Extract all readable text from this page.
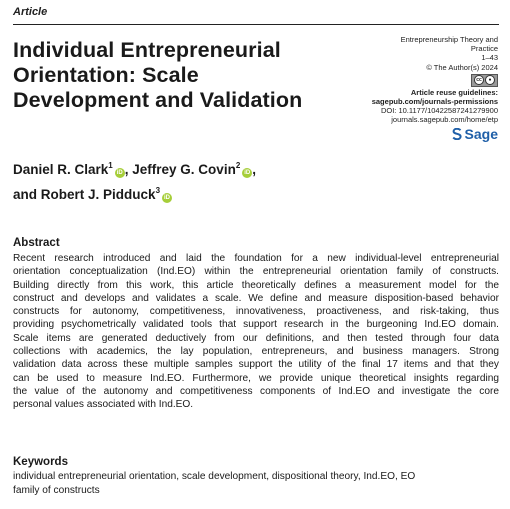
Article
Individual Entrepreneurial
Orientation: Scale
Development and Validation
Entrepreneurship Theory and
Practice
1–43
© The Author(s) 2024
cc	●
Article reuse guidelines:
sagepub.com/journals-permissions
DOI: 10.1177/10422587241279900
journals.sagepub.com/home/etp
Sage
Daniel R. Clark$^1$iD , Jeffrey G. Covin$^2$iD ,
and Robert J. Pidduck$^3$iD
Abstract

Recent research introduced and laid the foundation for a new individual-level entrepreneurial
orientation conceptualization (Ind.EO) within the entrepreneurial orientation family of constructs.
Building directly from this work, this article theoretically defines a measurement model for the
construct and develops and validates a scale. We define and measure disposition-based behavior
constructs for autonomy, competitiveness, innovativeness, proactiveness, and risk-taking, thus
providing psychometrically validated tools that support research in the burgeoning Ind.EO domain.
Scale items are generated deductively from our definitions, and then tested through four data
collections with academics, the lay population, entrepreneurs, and business managers. Strong
validation data across these multiple samples support the utility of the final 17 items and that they
can be used to measure Ind.EO. Furthermore, we provide unique theoretical insights regarding
the value of the autonomy and competitiveness components of Ind.EO and investigate the core
personal values associated with Ind.EO.

Keywords

individual entrepreneurial orientation, scale development, dispositional theory, Ind.EO, EO
family of constructs
